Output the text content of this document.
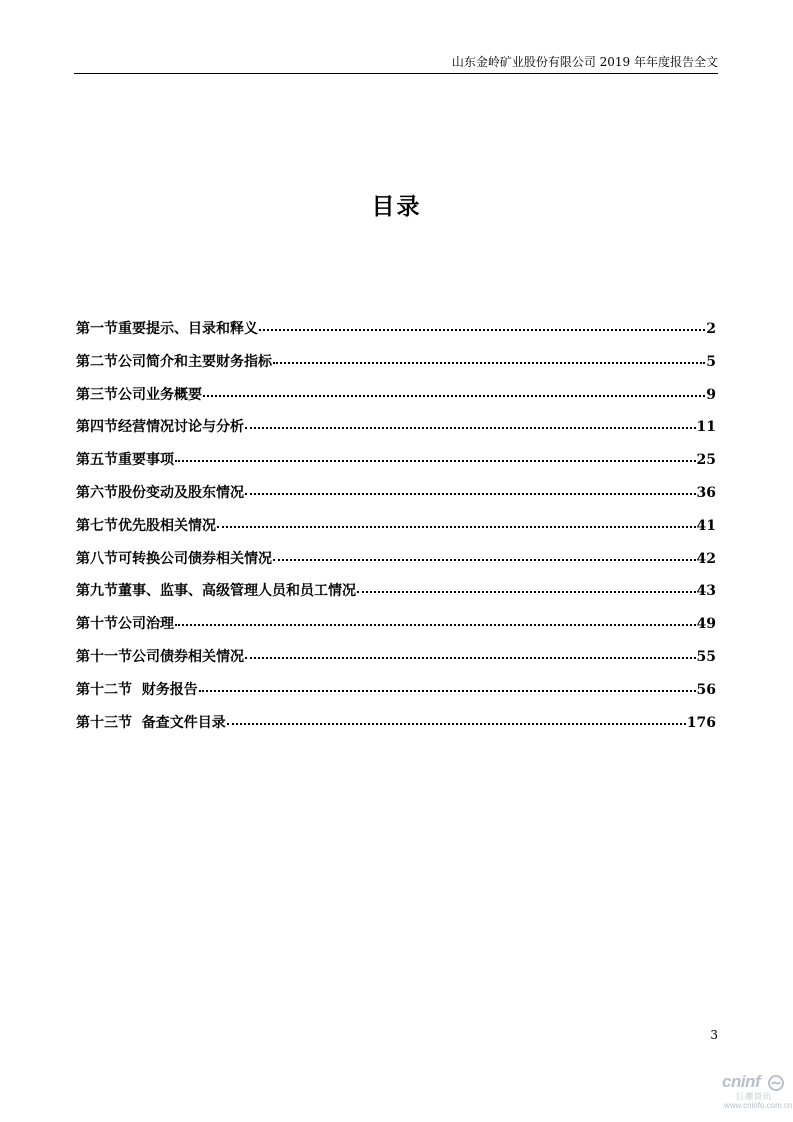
山东金岭矿业股份有限公司 2019 年年度报告全文
目录
第一节重要提示、目录和释义	2
第二节公司简介和主要财务指标	5
第三节公司业务概要	9
第四节经营情况讨论与分析	11
第五节重要事项	25
第六节股份变动及股东情况	36
第七节优先股相关情况	41
第八节可转换公司债券相关情况	42
第九节董事、监事、高级管理人员和员工情况	43
第十节公司治理	49
第十一节公司债券相关情况	55
第十二节  财务报告	56
第十三节  备查文件目录	176
3
cninf
巨潮资讯
www.cninfo.com.cn
